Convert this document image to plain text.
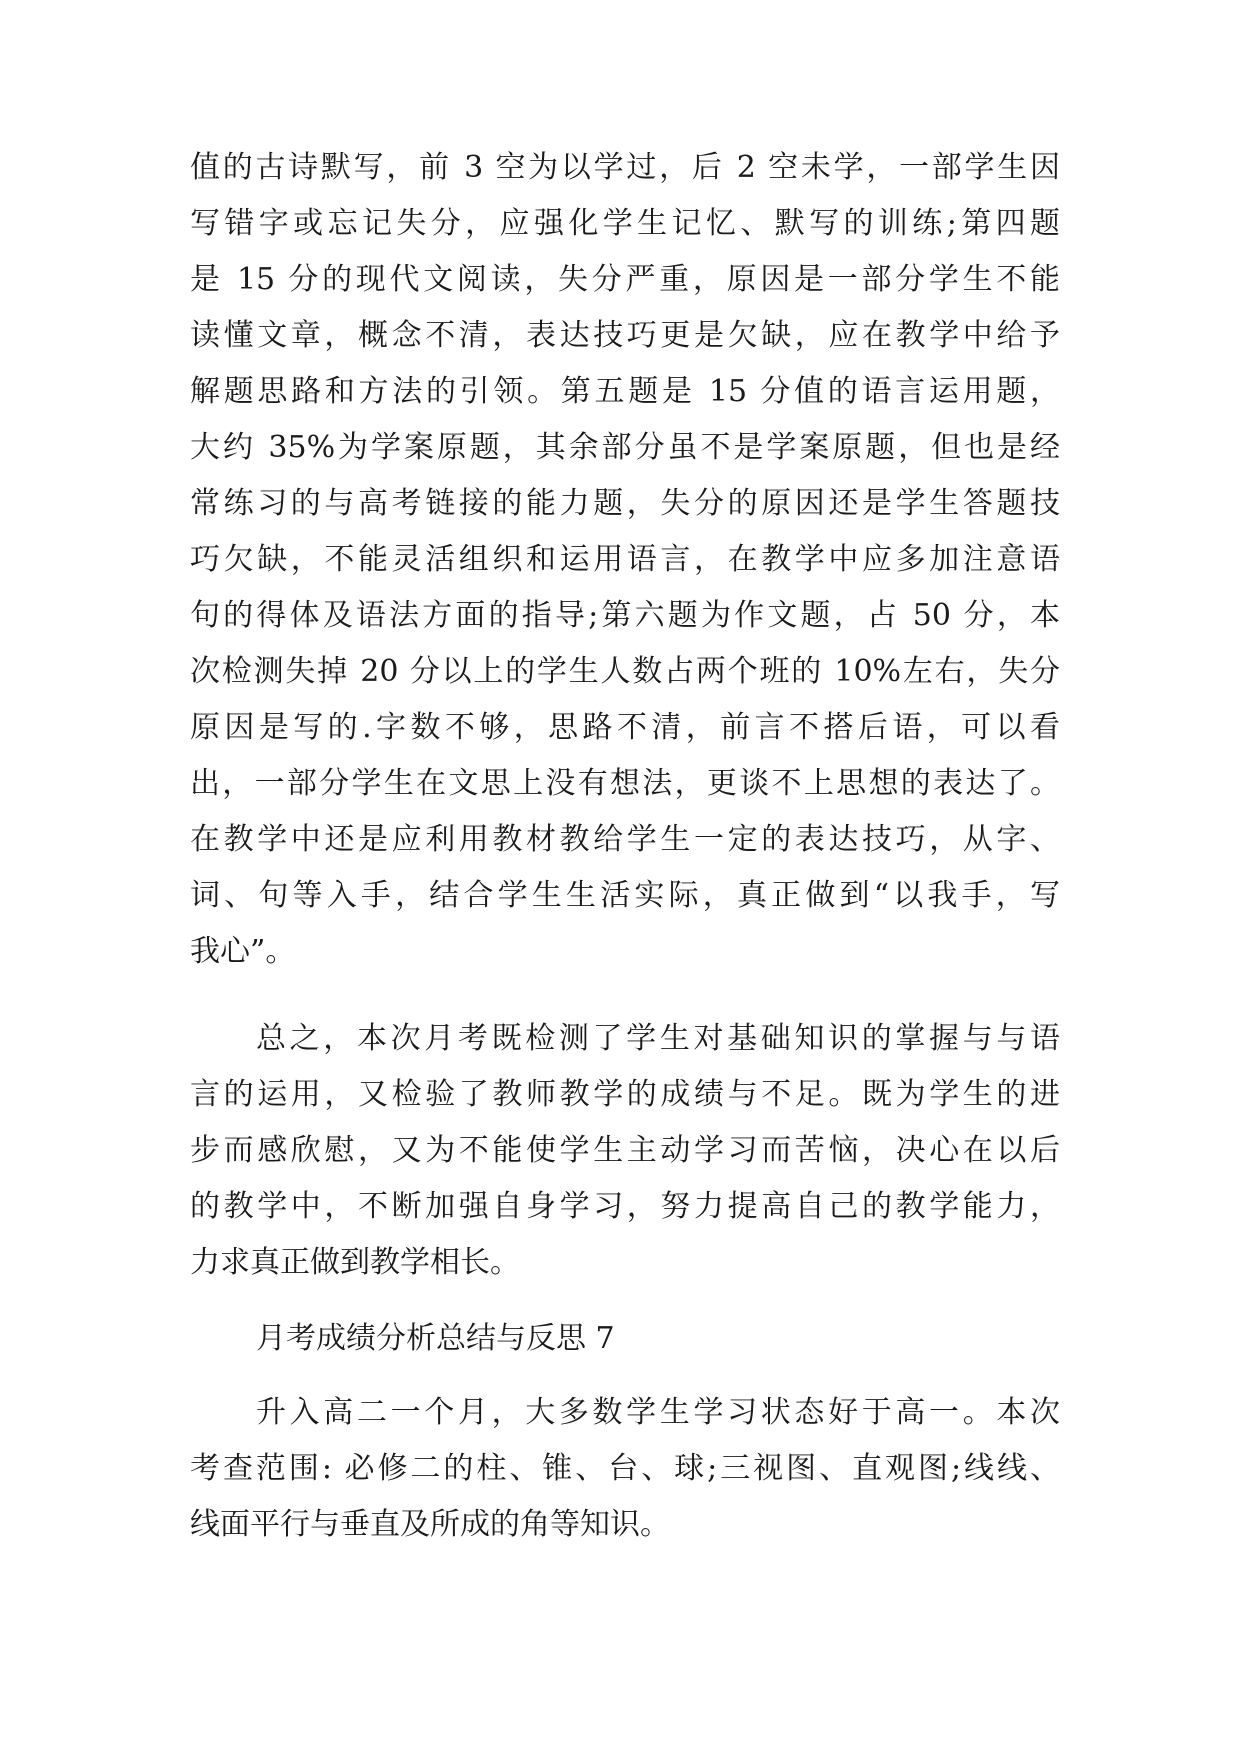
值的古诗默写，前 3 空为以学过，后 2 空未学，一部学生因
写错字或忘记失分，应强化学生记忆、默写的训练;第四题
是 15 分的现代文阅读，失分严重，原因是一部分学生不能
读懂文章，概念不清，表达技巧更是欠缺，应在教学中给予
解题思路和方法的引领。第五题是 15 分值的语言运用题，
大约 35%为学案原题，其余部分虽不是学案原题，但也是经
常练习的与高考链接的能力题，失分的原因还是学生答题技
巧欠缺，不能灵活组织和运用语言，在教学中应多加注意语
句的得体及语法方面的指导;第六题为作文题，占 50 分，本
次检测失掉 20 分以上的学生人数占两个班的 10%左右，失分
原因是写的.字数不够，思路不清，前言不搭后语，可以看
出，一部分学生在文思上没有想法，更谈不上思想的表达了。
在教学中还是应利用教材教给学生一定的表达技巧，从字、
词、句等入手，结合学生生活实际，真正做到“以我手，写
我心”。
总之，本次月考既检测了学生对基础知识的掌握与与语
言的运用，又检验了教师教学的成绩与不足。既为学生的进
步而感欣慰，又为不能使学生主动学习而苦恼，决心在以后
的教学中，不断加强自身学习，努力提高自己的教学能力，
力求真正做到教学相长。
月考成绩分析总结与反思 7
升入高二一个月，大多数学生学习状态好于高一。本次
考查范围: 必修二的柱、锥、台、球;三视图、直观图;线线、
线面平行与垂直及所成的角等知识。
